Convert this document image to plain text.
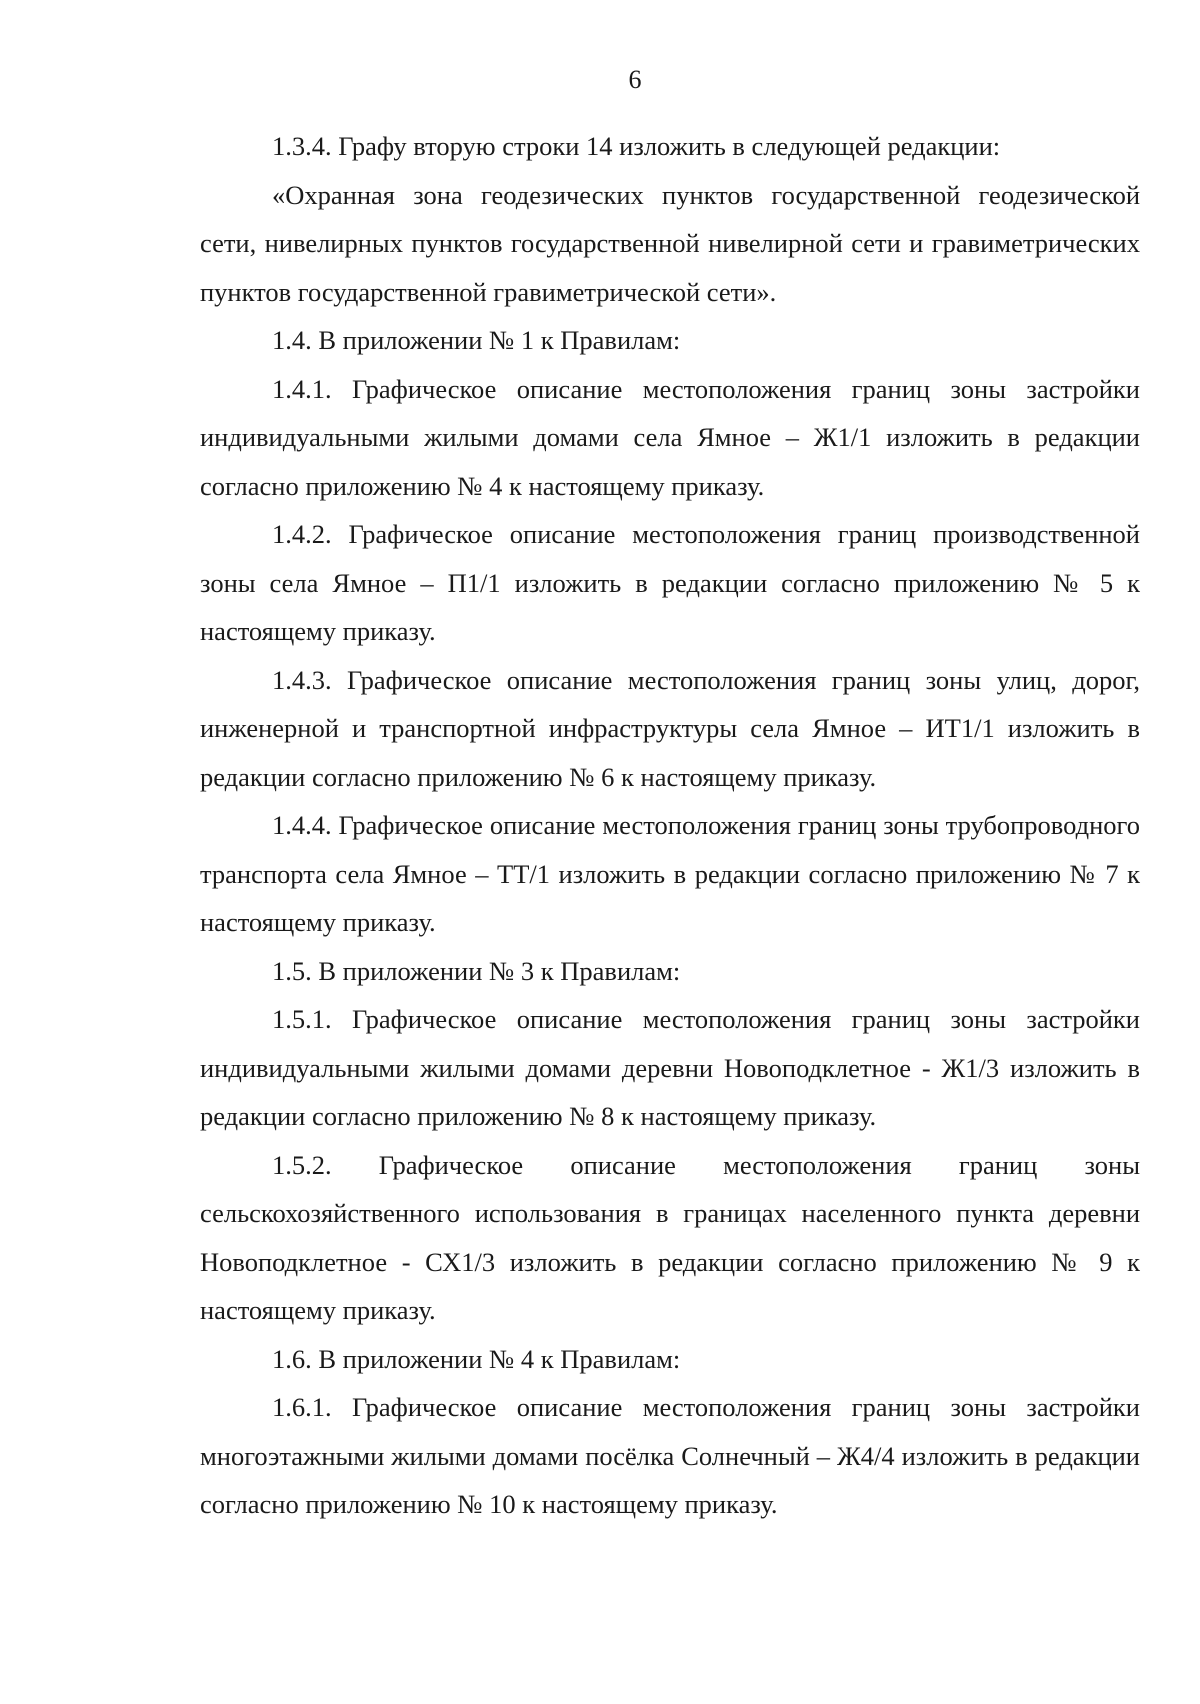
6

1.3.4. Графу вторую строки 14 изложить в следующей редакции:

«Охранная зона геодезических пунктов государственной геодезической сети, нивелирных пунктов государственной нивелирной сети и гравиметрических пунктов государственной гравиметрической сети».

1.4. В приложении № 1 к Правилам:

1.4.1. Графическое описание местоположения границ зоны застройки индивидуальными жилыми домами села Ямное – Ж1/1 изложить в редакции согласно приложению № 4 к настоящему приказу.

1.4.2. Графическое описание местоположения границ производственной зоны села Ямное – П1/1 изложить в редакции согласно приложению № 5 к настоящему приказу.

1.4.3. Графическое описание местоположения границ зоны улиц, дорог, инженерной и транспортной инфраструктуры села Ямное – ИТ1/1 изложить в редакции согласно приложению № 6 к настоящему приказу.

1.4.4. Графическое описание местоположения границ зоны трубопроводного транспорта села Ямное – ТТ/1 изложить в редакции согласно приложению № 7 к настоящему приказу.

1.5. В приложении № 3 к Правилам:

1.5.1. Графическое описание местоположения границ зоны застройки индивидуальными жилыми домами деревни Новоподклетное - Ж1/3 изложить в редакции согласно приложению № 8 к настоящему приказу.

1.5.2. Графическое описание местоположения границ зоны сельскохозяйственного использования в границах населенного пункта деревни Новоподклетное - СХ1/3 изложить в редакции согласно приложению № 9 к настоящему приказу.

1.6. В приложении № 4 к Правилам:

1.6.1. Графическое описание местоположения границ зоны застройки многоэтажными жилыми домами посёлка Солнечный – Ж4/4 изложить в редакции согласно приложению № 10 к настоящему приказу.
